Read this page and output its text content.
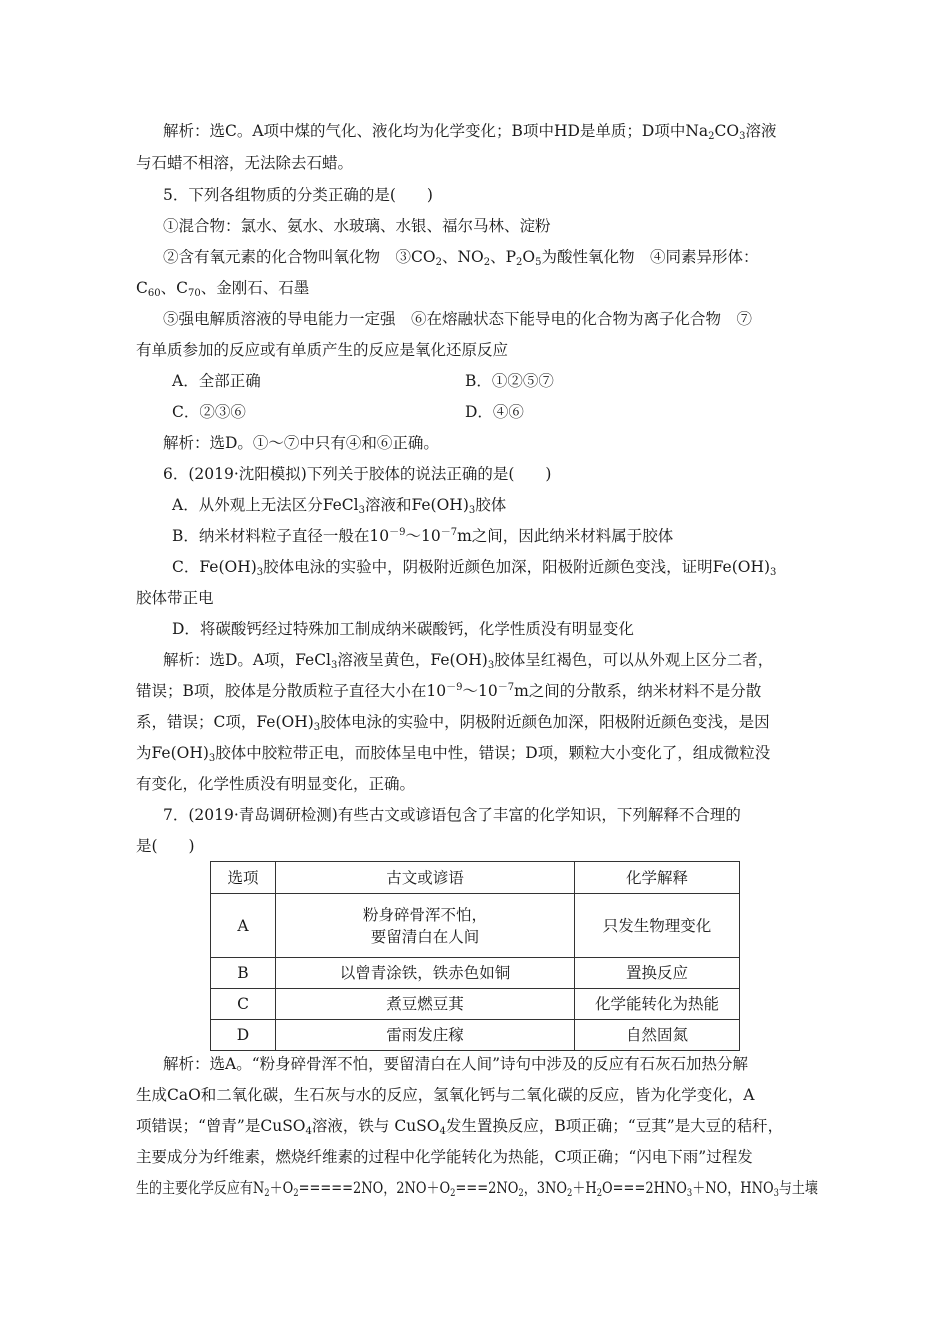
解析：选C。A项中煤的气化、液化均为化学变化；B项中HD是单质；D项中$Na_2CO_3$溶液
与石蜡不相溶，无法除去石蜡。
5．下列各组物质的分类正确的是(　　)
①混合物：氯水、氨水、水玻璃、水银、福尔马林、淀粉
②含有氧元素的化合物叫氧化物　$③CO_2$、$NO_2$、$P_2O_5$为酸性氧化物　④同素异形体：
$C_{60}$、$C_{70}$、金刚石、石墨
⑤强电解质溶液的导电能力一定强　⑥在熔融状态下能导电的化合物为离子化合物　⑦
有单质参加的反应或有单质产生的反应是氧化还原反应
A．全部正确	B．①②⑤⑦
C．②③⑥	D．④⑥
解析：选D。①～⑦中只有④和⑥正确。
6．(2019·沈阳模拟)下列关于胶体的说法正确的是(　　)
A．从外观上无法区分FeCl$_3$溶液和$Fe(OH)_3$胶体
B．纳米材料粒子直径一般在$10^{-9}\sim 10^{-7}m$之间，因此纳米材料属于胶体
C．$Fe(OH)_3$胶体电泳的实验中，阴极附近颜色加深，阳极附近颜色变浅，证明$Fe(OH)_3$
胶体带正电
D．将碳酸钙经过特殊加工制成纳米碳酸钙，化学性质没有明显变化
解析：选D。A项，FeCl$_3$溶液呈黄色，$Fe(OH)_3$胶体呈红褐色，可以从外观上区分二者，
错误；B项，胶体是分散质粒子直径大小在$10^{-9}\sim 10^{-7}m$之间的分散系，纳米材料不是分散
系，错误；C项，$Fe(OH)_3$胶体电泳的实验中，阴极附近颜色加深，阳极附近颜色变浅，是因
为$Fe(OH)_3$胶体中胶粒带正电，而胶体呈电中性，错误；D项，颗粒大小变化了，组成微粒没
有变化，化学性质没有明显变化，正确。
7．(2019·青岛调研检测)有些古文或谚语包含了丰富的化学知识，下列解释不合理的
是(　　)
选项	古文或谚语	化学解释
A	粉身碎骨浑不怕，
要留清白在人间	只发生物理变化
B	以曾青涂铁，铁赤色如铜	置换反应
C	煮豆燃豆萁	化学能转化为热能
D	雷雨发庄稼	自然固氮
解析：选A。“粉身碎骨浑不怕，要留清白在人间”诗句中涉及的反应有石灰石加热分解
生成CaO和二氧化碳，生石灰与水的反应，氢氧化钙与二氧化碳的反应，皆为化学变化，A
项错误；“曾青”是CuSO$_4$溶液，铁与 CuSO$_4$发生置换反应，B项正确；“豆萁”是大豆的秸秆，
主要成分为纤维素，燃烧纤维素的过程中化学能转化为热能，C项正确；“闪电下雨”过程发
生的主要化学反应有$N_2+O_2=====2NO$，$2NO+O_2===2NO_2$，$3NO_2+H_2O===2HNO_3+NO$，$HNO_3$与土壤
